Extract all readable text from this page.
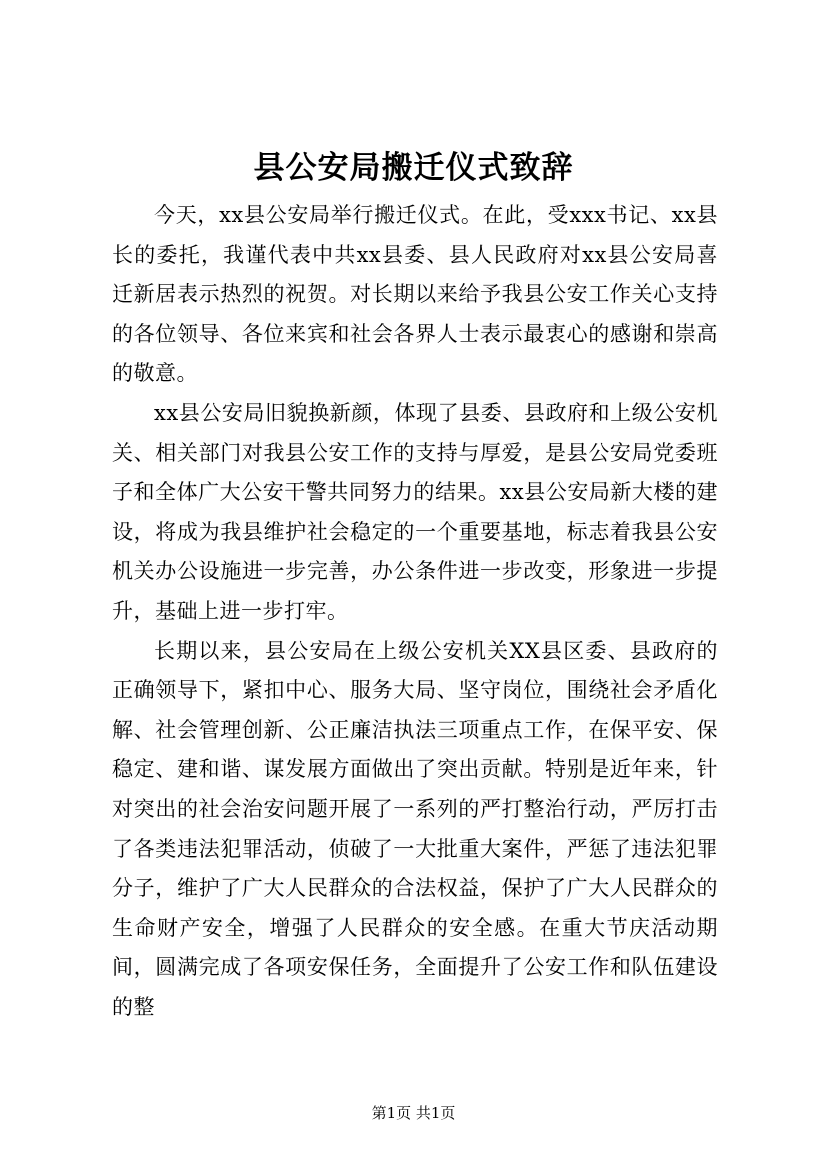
县公安局搬迁仪式致辞

今天，xx县公安局举行搬迁仪式。在此，受xxx书记、xx县长的委托，我谨代表中共xx县委、县人民政府对xx县公安局喜迁新居表示热烈的祝贺。对长期以来给予我县公安工作关心支持的各位领导、各位来宾和社会各界人士表示最衷心的感谢和崇高的敬意。

xx县公安局旧貌换新颜，体现了县委、县政府和上级公安机关、相关部门对我县公安工作的支持与厚爱，是县公安局党委班子和全体广大公安干警共同努力的结果。xx县公安局新大楼的建设，将成为我县维护社会稳定的一个重要基地，标志着我县公安机关办公设施进一步完善，办公条件进一步改变，形象进一步提升，基础上进一步打牢。

长期以来，县公安局在上级公安机关XX县区委、县政府的正确领导下，紧扣中心、服务大局、坚守岗位，围绕社会矛盾化解、社会管理创新、公正廉洁执法三项重点工作，在保平安、保稳定、建和谐、谋发展方面做出了突出贡献。特别是近年来，针对突出的社会治安问题开展了一系列的严打整治行动，严厉打击了各类违法犯罪活动，侦破了一大批重大案件，严惩了违法犯罪分子，维护了广大人民群众的合法权益，保护了广大人民群众的生命财产安全，增强了人民群众的安全感。在重大节庆活动期间，圆满完成了各项安保任务，全面提升了公安工作和队伍建设的整

第1页 共1页
